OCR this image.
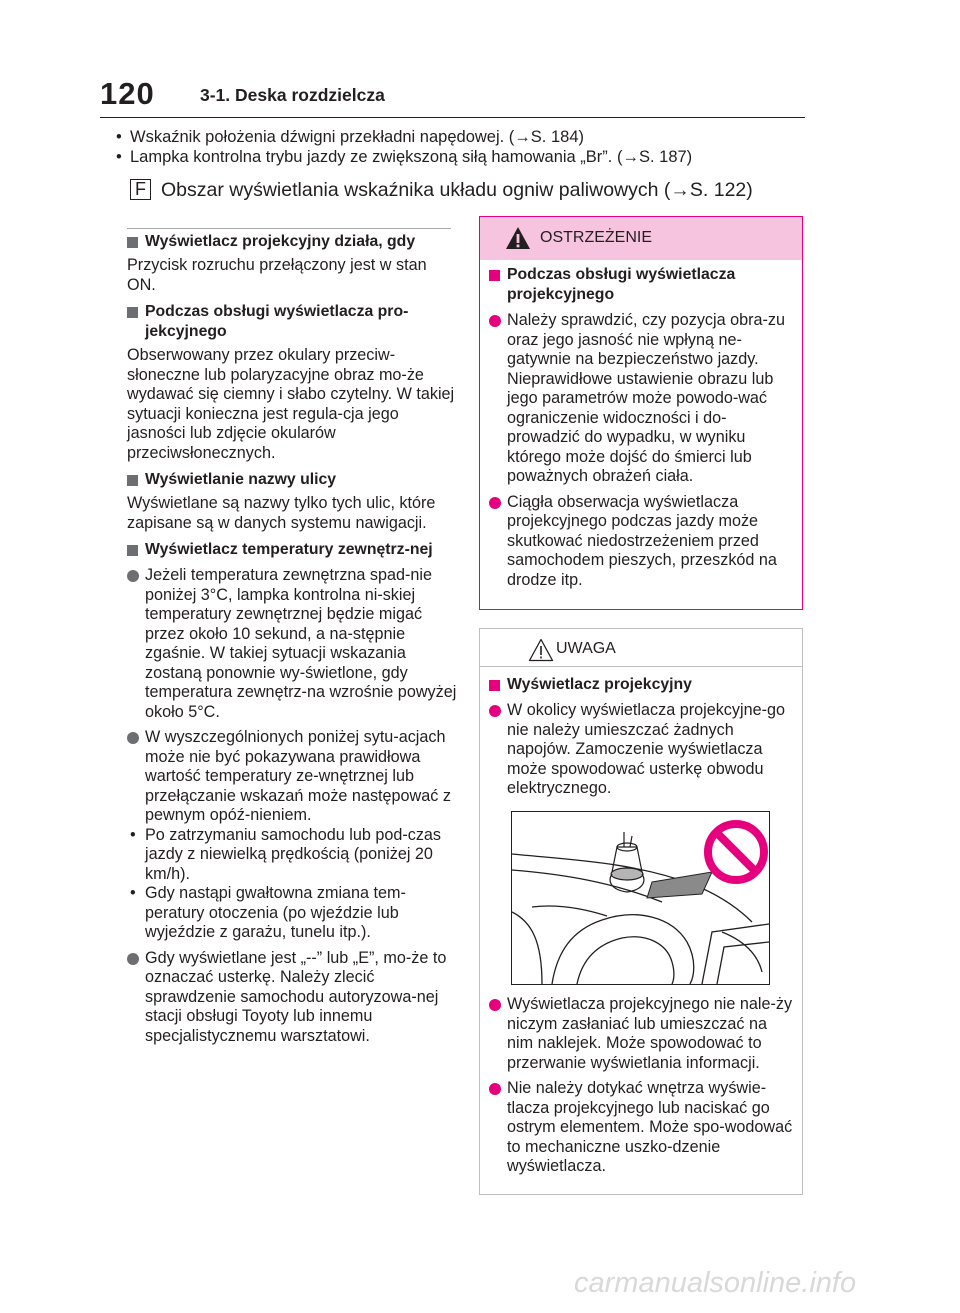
120	3-1. Deska rozdzielcza

• Wskaźnik położenia dźwigni przekładni napędowej. (→S. 184)

• Lampka kontrolna trybu jazdy ze zwiększoną siłą hamowania „Br”. (→S. 187)

F Obszar wyświetlania wskaźnika układu ogniw paliwowych (→S. 122)

Wyświetlacz projekcyjny działa, gdy

Przycisk rozruchu przełączony jest w stan ON.

Podczas obsługi wyświetlacza pro-jekcyjnego

Obserwowany przez okulary przeciw-słoneczne lub polaryzacyjne obraz mo-że wydawać się ciemny i słabo czytelny. W takiej sytuacji konieczna jest regula-cja jego jasności lub zdjęcie okularów przeciwsłonecznych.

Wyświetlanie nazwy ulicy

Wyświetlane są nazwy tylko tych ulic, które zapisane są w danych systemu nawigacji.

Wyświetlacz temperatury zewnętrz-nej

Jeżeli temperatura zewnętrzna spad-nie poniżej 3°C, lampka kontrolna ni-skiej temperatury zewnętrznej będzie migać przez około 10 sekund, a na-stępnie zgaśnie. W takiej sytuacji wskazania zostaną ponownie wy-świetlone, gdy temperatura zewnętrz-na wzrośnie powyżej około 5°C.

W wyszczególnionych poniżej sytu-acjach może nie być pokazywana prawidłowa wartość temperatury ze-wnętrznej lub przełączanie wskazań może następować z pewnym opóź-nieniem.

• Po zatrzymaniu samochodu lub pod-czas jazdy z niewielką prędkością (poniżej 20 km/h).

• Gdy nastąpi gwałtowna zmiana tem-peratury otoczenia (po wjeździe lub wyjeździe z garażu, tunelu itp.).

Gdy wyświetlane jest „--” lub „E”, mo-że to oznaczać usterkę. Należy zlecić sprawdzenie samochodu autoryzowa-nej stacji obsługi Toyoty lub innemu specjalistycznemu warsztatowi.

OSTRZEŻENIE

Podczas obsługi wyświetlacza projekcyjnego

Należy sprawdzić, czy pozycja obra-zu oraz jego jasność nie wpłyną ne-gatywnie na bezpieczeństwo jazdy. Nieprawidłowe ustawienie obrazu lub jego parametrów może powodo-wać ograniczenie widoczności i do-prowadzić do wypadku, w wyniku którego może dojść do śmierci lub poważnych obrażeń ciała.

Ciągła obserwacja wyświetlacza projekcyjnego podczas jazdy może skutkować niedostrzeżeniem przed samochodem pieszych, przeszkód na drodze itp.

UWAGA

Wyświetlacz projekcyjny

W okolicy wyświetlacza projekcyjne-go nie należy umieszczać żadnych napojów. Zamoczenie wyświetlacza może spowodować usterkę obwodu elektrycznego.

Wyświetlacza projekcyjnego nie nale-ży niczym zasłaniać lub umieszczać na nim naklejek. Może spowodować to przerwanie wyświetlania informacji.

Nie należy dotykać wnętrza wyświe-tlacza projekcyjnego lub naciskać go ostrym elementem. Może spo-wodować to mechaniczne uszko-dzenie wyświetlacza.

carmanualsonline.info
